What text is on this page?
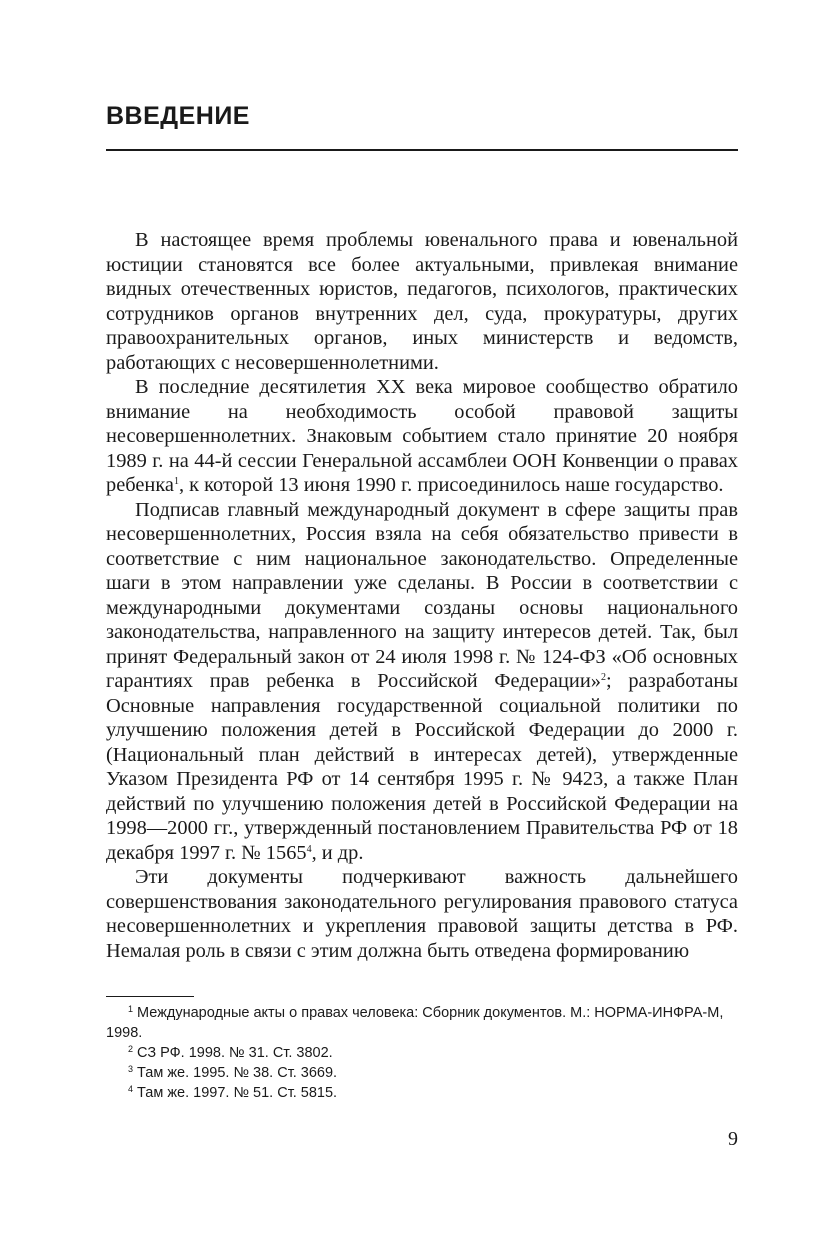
ВВЕДЕНИЕ

В настоящее время проблемы ювенального права и ювенальной юстиции становятся все более актуальными, привлекая внимание видных отечественных юристов, педагогов, психологов, практических сотрудников органов внутренних дел, суда, прокуратуры, других правоохранительных органов, иных министерств и ведомств, работающих с несовершеннолетними.

В последние десятилетия XX века мировое сообщество обратило внимание на необходимость особой правовой защиты несовершеннолетних. Знаковым событием стало принятие 20 ноября 1989 г. на 44-й сессии Генеральной ассамблеи ООН Конвенции о правах ребенка$^1$, к которой 13 июня 1990 г. присоединилось наше государство.

Подписав главный международный документ в сфере защиты прав несовершеннолетних, Россия взяла на себя обязательство привести в соответствие с ним национальное законодательство. Определенные шаги в этом направлении уже сделаны. В России в соответствии с международными документами созданы основы национального законодательства, направленного на защиту интересов детей. Так, был принят Федеральный закон от 24 июля 1998 г. № 124-ФЗ «Об основных гарантиях прав ребенка в Российской Федерации»$^2$; разработаны Основные направления государственной социальной политики по улучшению положения детей в Российской Федерации до 2000 г. (Национальный план действий в интересах детей), утвержденные Указом Президента РФ от 14 сентября 1995 г. № 9423, а также План действий по улучшению положения детей в Российской Федерации на 1998—2000 гг., утвержденный постановлением Правительства РФ от 18 декабря 1997 г. № 1565$^4$, и др.

Эти документы подчеркивают важность дальнейшего совершенствования законодательного регулирования правового статуса несовершеннолетних и укрепления правовой защиты детства в РФ. Немалая роль в связи с этим должна быть отведена формированию

$^1$ Международные акты о правах человека: Сборник документов. М.: НОРМА-ИНФРА-М, 1998.

$^2$ СЗ РФ. 1998. № 31. Ст. 3802.

$^3$ Там же. 1995. № 38. Ст. 3669.

$^4$ Там же. 1997. № 51. Ст. 5815.

9
